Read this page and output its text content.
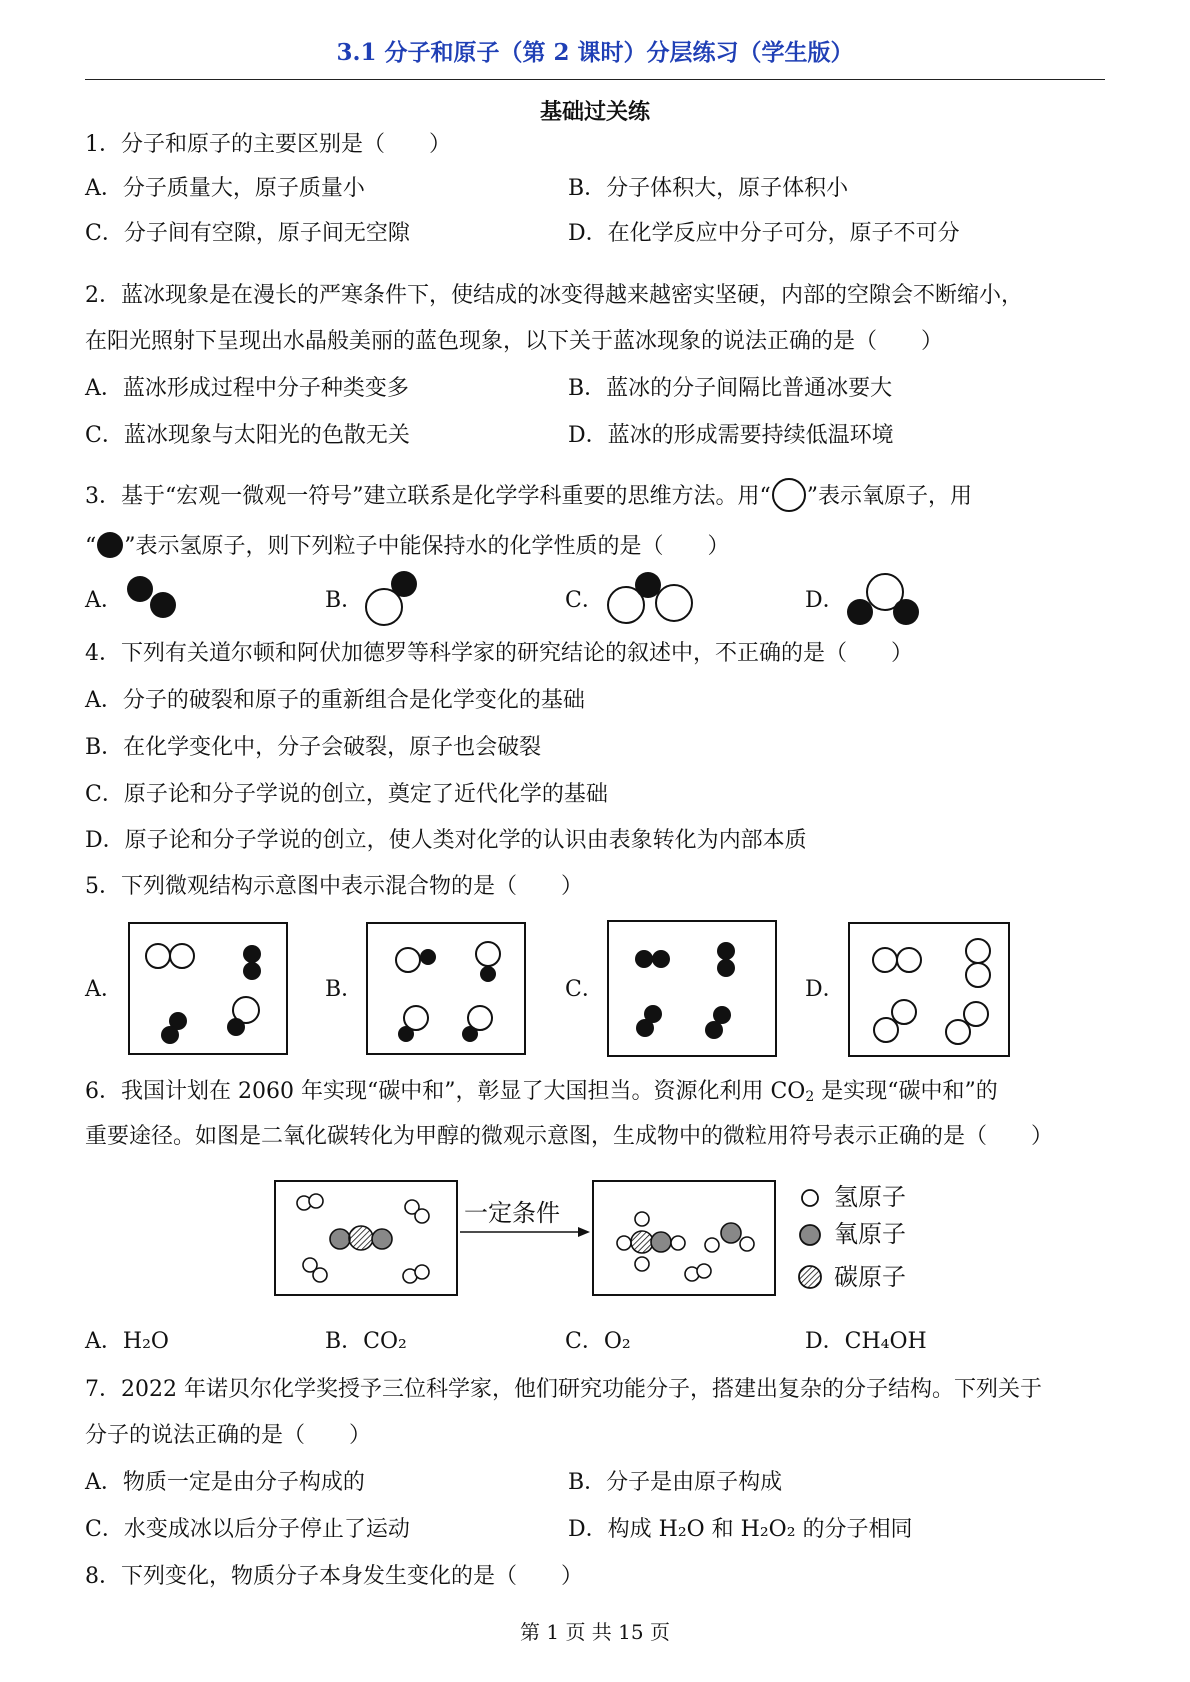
3.1 分子和原子（第 2 课时）分层练习（学生版）
基础过关练
1．分子和原子的主要区别是（　　）
A．分子质量大，原子质量小	B．分子体积大，原子体积小
C．分子间有空隙，原子间无空隙	D．在化学反应中分子可分，原子不可分
2．蓝冰现象是在漫长的严寒条件下，使结成的冰变得越来越密实坚硬，内部的空隙会不断缩小，
在阳光照射下呈现出水晶般美丽的蓝色现象，以下关于蓝冰现象的说法正确的是（　　）
A．蓝冰形成过程中分子种类变多	B．蓝冰的分子间隔比普通冰要大
C．蓝冰现象与太阳光的色散无关	D．蓝冰的形成需要持续低温环境
3．基于“宏观一微观一符号”建立联系是化学学科重要的思维方法。用“ ”表示氧原子，用
“ ”表示氢原子，则下列粒子中能保持水的化学性质的是（　　）
A．	B．	C．	D．
4．下列有关道尔顿和阿伏加德罗等科学家的研究结论的叙述中，不正确的是（　　）
A．分子的破裂和原子的重新组合是化学变化的基础
B．在化学变化中，分子会破裂，原子也会破裂
C．原子论和分子学说的创立，奠定了近代化学的基础
D．原子论和分子学说的创立，使人类对化学的认识由表象转化为内部本质
5．下列微观结构示意图中表示混合物的是（　　）
A．	B．	C．	D．
6．我国计划在 2060 年实现“碳中和”，彰显了大国担当。资源化利用 $CO_2$ 是实现“碳中和”的
重要途径。如图是二氧化碳转化为甲醇的微观示意图，生成物中的微粒用符号表示正确的是（　　）
一定条件
氢原子
氧原子
碳原子
A．H₂O	B．CO₂	C．O₂	D．CH₄OH
7．2022 年诺贝尔化学奖授予三位科学家，他们研究功能分子，搭建出复杂的分子结构。下列关于
分子的说法正确的是（　　）
A．物质一定是由分子构成的	B．分子是由原子构成
C．水变成冰以后分子停止了运动	D．构成 H₂O 和 H₂O₂ 的分子相同
8．下列变化，物质分子本身发生变化的是（　　）
第 1 页 共 15 页
